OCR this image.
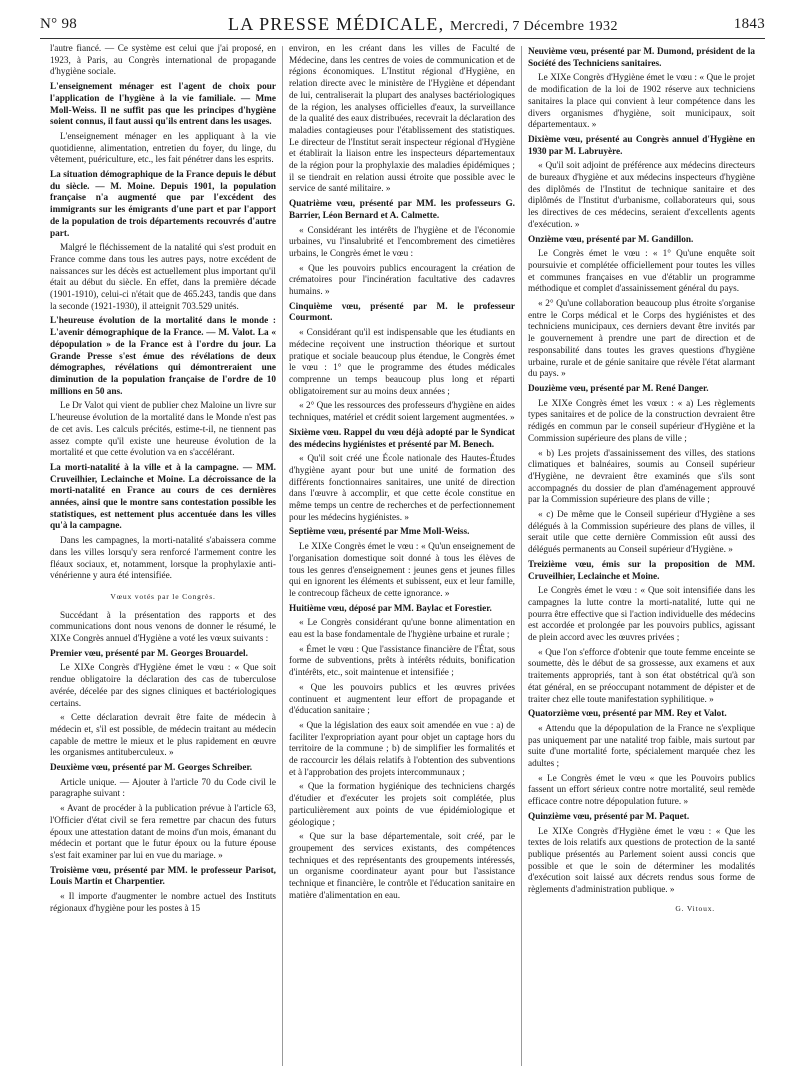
N° 98	LA PRESSE MÉDICALE, Mercredi, 7 Décembre 1932	1843

l'autre fiancé. — Ce système est celui que j'ai proposé, en 1923, à Paris, au Congrès international de propagande d'hygiène sociale.

L'enseignement ménager est l'agent de choix pour l'application de l'hygiène à la vie familiale. — Mme Moll-Weiss. Il ne suffit pas que les principes d'hygiène soient connus, il faut aussi qu'ils entrent dans les usages.

L'enseignement ménager en les appliquant à la vie quotidienne, alimentation, entretien du foyer, du linge, du vêtement, puériculture, etc., les fait pénétrer dans les esprits.

La situation démographique de la France depuis le début du siècle. — M. Moine. Depuis 1901, la population française n'a augmenté que par l'excédent des immigrants sur les émigrants d'une part et par l'apport de la population de trois départements recouvrés d'autre part.

Malgré le fléchissement de la natalité qui s'est produit en France comme dans tous les autres pays, notre excédent de naissances sur les décès est actuellement plus important qu'il était au début du siècle. En effet, dans la première décade (1901-1910), celui-ci n'était que de 465.243, tandis que dans la seconde (1921-1930), il atteignit 703.529 unités.

L'heureuse évolution de la mortalité dans le monde : L'avenir démographique de la France. — M. Valot. La « dépopulation » de la France est à l'ordre du jour. La Grande Presse s'est émue des révélations de deux démographes, révélations qui démontreraient une diminution de la population française de l'ordre de 10 millions en 50 ans.

Le Dr Valot qui vient de publier chez Maloine un livre sur L'heureuse évolution de la mortalité dans le Monde n'est pas de cet avis. Les calculs précités, estime-t-il, ne tiennent pas assez compte qu'il existe une heureuse évolution de la mortalité et que cette évolution va en s'accélérant.

La morti-natalité à la ville et à la campagne. — MM. Cruveilhier, Leclainche et Moine. La décroissance de la morti-natalité en France au cours de ces dernières années, ainsi que le montre sans contestation possible les statistiques, est nettement plus accentuée dans les villes qu'à la campagne.

Dans les campagnes, la morti-natalité s'abaissera comme dans les villes lorsqu'y sera renforcé l'armement contre les fléaux sociaux, et, notamment, lorsque la prophylaxie anti-vénérienne y aura été intensifiée.

Vœux votés par le Congrès.

Succédant à la présentation des rapports et des communications dont nous venons de donner le résumé, le XIXe Congrès annuel d'Hygiène a voté les vœux suivants :

Premier vœu, présenté par M. Georges Brouardel.

Le XIXe Congrès d'Hygiène émet le vœu : « Que soit rendue obligatoire la déclaration des cas de tuberculose avérée, décelée par des signes cliniques et bactériologiques certains.

« Cette déclaration devrait être faite de médecin à médecin et, s'il est possible, de médecin traitant au médecin capable de mettre le mieux et le plus rapidement en œuvre les organismes antituberculeux. »

Deuxième vœu, présenté par M. Georges Schreiber.

Article unique. — Ajouter à l'article 70 du Code civil le paragraphe suivant :

« Avant de procéder à la publication prévue à l'article 63, l'Officier d'état civil se fera remettre par chacun des futurs époux une attestation datant de moins d'un mois, émanant du médecin et portant que le futur époux ou la future épouse s'est fait examiner par lui en vue du mariage. »

Troisième vœu, présenté par MM. le professeur Parisot, Louis Martin et Charpentier.

« Il importe d'augmenter le nombre actuel des Instituts régionaux d'hygiène pour les postes à 15

environ, en les créant dans les villes de Faculté de Médecine, dans les centres de voies de communication et de régions économiques. L'Institut régional d'Hygiène, en relation directe avec le ministère de l'Hygiène et dépendant de lui, centraliserait la plupart des analyses bactériologiques de la région, les analyses officielles d'eaux, la surveillance de la qualité des eaux distribuées, recevrait la déclaration des maladies contagieuses pour l'établissement des statistiques. Le directeur de l'Institut serait inspecteur régional d'Hygiène et établirait la liaison entre les inspecteurs départementaux de la région pour la prophylaxie des maladies épidémiques ; il se tiendrait en relation aussi étroite que possible avec le service de santé militaire. »

Quatrième vœu, présenté par MM. les professeurs G. Barrier, Léon Bernard et A. Calmette.

« Considérant les intérêts de l'hygiène et de l'économie urbaines, vu l'insalubrité et l'encombrement des cimetières urbains, le Congrès émet le vœu :

« Que les pouvoirs publics encouragent la création de crématoires pour l'incinération facultative des cadavres humains. »

Cinquième vœu, présenté par M. le professeur Courmont.

« Considérant qu'il est indispensable que les étudiants en médecine reçoivent une instruction théorique et surtout pratique et sociale beaucoup plus étendue, le Congrès émet le vœu : 1° que le programme des études médicales comprenne un temps beaucoup plus long et réparti obligatoirement sur au moins deux années ;

« 2° Que les ressources des professeurs d'hygiène en aides techniques, matériel et crédit soient largement augmentées. »

Sixième vœu. Rappel du vœu déjà adopté par le Syndicat des médecins hygiénistes et présenté par M. Benech.

« Qu'il soit créé une École nationale des Hautes-Études d'hygiène ayant pour but une unité de formation des différents fonctionnaires sanitaires, une unité de direction dans l'œuvre à accomplir, et que cette école constitue en même temps un centre de recherches et de perfectionnement pour les médecins hygiénistes. »

Septième vœu, présenté par Mme Moll-Weiss.

Le XIXe Congrès émet le vœu : « Qu'un enseignement de l'organisation domestique soit donné à tous les élèves de tous les genres d'enseignement : jeunes gens et jeunes filles qui en ignorent les éléments et subissent, eux et leur famille, le contrecoup fâcheux de cette ignorance. »

Huitième vœu, déposé par MM. Baylac et Forestier.

« Le Congrès considérant qu'une bonne alimentation en eau est la base fondamentale de l'hygiène urbaine et rurale ;

« Émet le vœu : Que l'assistance financière de l'État, sous forme de subventions, prêts à intérêts réduits, bonification d'intérêts, etc., soit maintenue et intensifiée ;

« Que les pouvoirs publics et les œuvres privées continuent et augmentent leur effort de propagande et d'éducation sanitaire ;

« Que la législation des eaux soit amendée en vue : a) de faciliter l'expropriation ayant pour objet un captage hors du territoire de la commune ; b) de simplifier les formalités et de raccourcir les délais relatifs à l'obtention des subventions et à l'approbation des projets intercommunaux ;

« Que la formation hygiénique des techniciens chargés d'étudier et d'exécuter les projets soit complétée, plus particulièrement aux points de vue épidémiologique et géologique ;

« Que sur la base départementale, soit créé, par le groupement des services existants, des compétences techniques et des représentants des groupements intéressés, un organisme coordinateur ayant pour but l'assistance technique et financière, le contrôle et l'éducation sanitaire en matière d'alimentation en eau.

Neuvième vœu, présenté par M. Dumond, président de la Société des Techniciens sanitaires.

Le XIXe Congrès d'Hygiène émet le vœu : « Que le projet de modification de la loi de 1902 réserve aux techniciens sanitaires la place qui convient à leur compétence dans les divers organismes d'hygiène, soit municipaux, soit départementaux. »

Dixième vœu, présenté au Congrès annuel d'Hygiène en 1930 par M. Labruyère.

« Qu'il soit adjoint de préférence aux médecins directeurs de bureaux d'hygiène et aux médecins inspecteurs d'hygiène des diplômés de l'Institut de technique sanitaire et des diplômés de l'Institut d'urbanisme, collaborateurs qui, sous les directives de ces médecins, seraient d'excellents agents d'exécution. »

Onzième vœu, présenté par M. Gandillon.

Le Congrès émet le vœu : « 1° Qu'une enquête soit poursuivie et complétée officiellement pour toutes les villes et communes françaises en vue d'établir un programme méthodique et complet d'assainissement général du pays.

« 2° Qu'une collaboration beaucoup plus étroite s'organise entre le Corps médical et le Corps des hygiénistes et des techniciens municipaux, ces derniers devant être invités par le gouvernement à prendre une part de direction et de responsabilité dans toutes les graves questions d'hygiène urbaine, rurale et de génie sanitaire que révèle l'état alarmant du pays. »

Douzième vœu, présenté par M. René Danger.

Le XIXe Congrès émet les vœux : « a) Les règlements types sanitaires et de police de la construction devraient être rédigés en commun par le conseil supérieur d'Hygiène et la Commission supérieure des plans de ville ;

« b) Les projets d'assainissement des villes, des stations climatiques et balnéaires, soumis au Conseil supérieur d'Hygiène, ne devraient être examinés que s'ils sont accompagnés du dossier de plan d'aménagement approuvé par la Commission supérieure des plans de ville ;

« c) De même que le Conseil supérieur d'Hygiène a ses délégués à la Commission supérieure des plans de villes, il serait utile que cette dernière Commission eût aussi des délégués permanents au Conseil supérieur d'Hygiène. »

Treizième vœu, émis sur la proposition de MM. Cruveilhier, Leclainche et Moine.

Le Congrès émet le vœu : « Que soit intensifiée dans les campagnes la lutte contre la morti-natalité, lutte qui ne pourra être effective que si l'action individuelle des médecins est accordée et prolongée par les pouvoirs publics, agissant de plein accord avec les œuvres privées ;

« Que l'on s'efforce d'obtenir que toute femme enceinte se soumette, dès le début de sa grossesse, aux examens et aux traitements appropriés, tant à son état obstétrical qu'à son état général, en se préoccupant notamment de dépister et de traiter chez elle toute manifestation syphilitique. »

Quatorzième vœu, présenté par MM. Rey et Valot.

« Attendu que la dépopulation de la France ne s'explique pas uniquement par une natalité trop faible, mais surtout par suite d'une mortalité forte, spécialement marquée chez les adultes ;

« Le Congrès émet le vœu « que les Pouvoirs publics fassent un effort sérieux contre notre mortalité, seul remède efficace contre notre dépopulation future. »

Quinzième vœu, présenté par M. Paquet.

Le XIXe Congrès d'Hygiène émet le vœu : « Que les textes de lois relatifs aux questions de protection de la santé publique présentés au Parlement soient aussi concis que possible et que le soin de déterminer les modalités d'exécution soit laissé aux décrets rendus sous forme de règlements d'administration publique. »

G. Vitoux.
